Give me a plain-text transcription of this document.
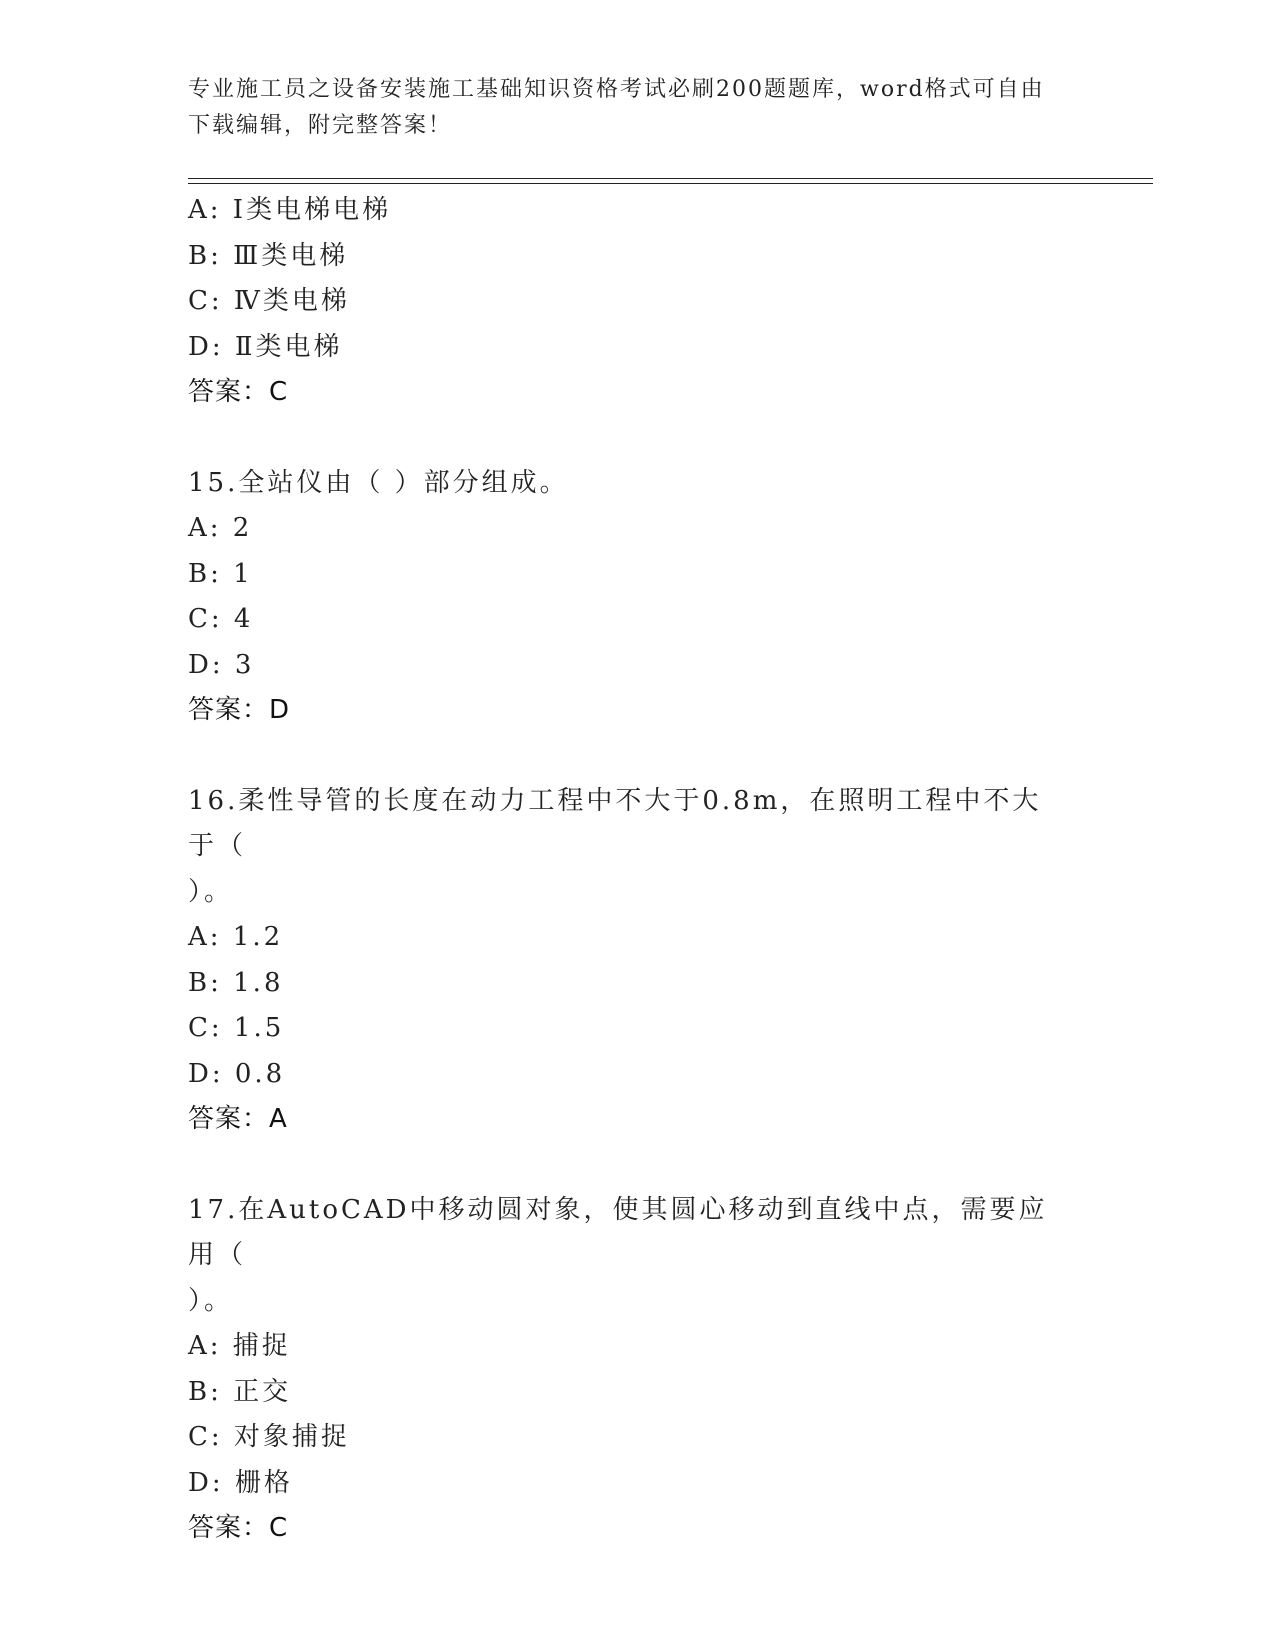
专业施工员之设备安装施工基础知识资格考试必刷200题题库，word格式可自由
下载编辑，附完整答案！
A: Ⅰ类电梯电梯
B: Ⅲ类电梯
C: Ⅳ类电梯
D: Ⅱ类电梯
答案：C
15.全站仪由（ ）部分组成。
A: 2
B: 1
C: 4
D: 3
答案：D
16.柔性导管的长度在动力工程中不大于0.8m，在照明工程中不大于（
）。
A: 1.2
B: 1.8
C: 1.5
D: 0.8
答案：A
17.在AutoCAD中移动圆对象，使其圆心移动到直线中点，需要应用（
）。
A: 捕捉
B: 正交
C: 对象捕捉
D: 栅格
答案：C
